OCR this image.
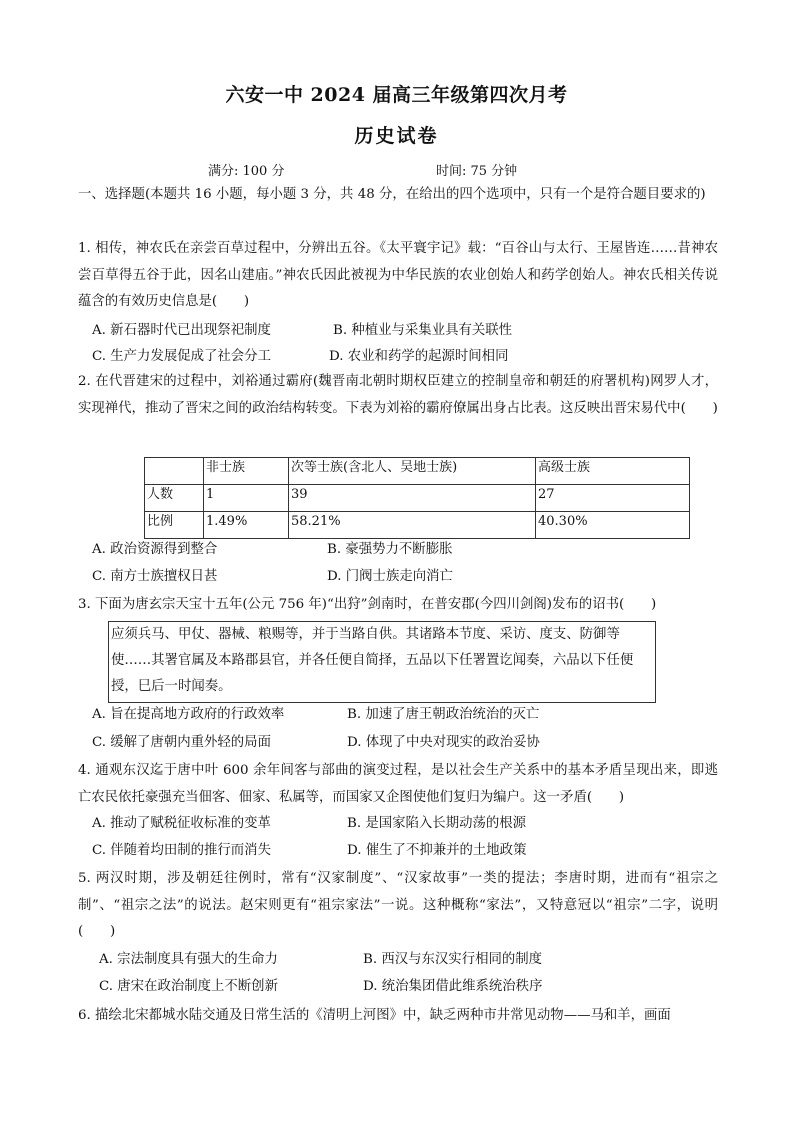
六安一中 2024 届高三年级第四次月考
历史试卷
满分: 100 分	时间: 75 分钟
一、选择题(本题共 16 小题，每小题 3 分，共 48 分，在给出的四个选项中，只有一个是符合题目要求的)
1. 相传，神农氏在亲尝百草过程中，分辨出五谷。《太平寰宇记》载：“百谷山与太行、王屋皆连……昔神农尝百草得五谷于此，因名山建庙。”神农氏因此被视为中华民族的农业创始人和药学创始人。神农氏相关传说蕴含的有效历史信息是(　　)
A. 新石器时代已出现祭祀制度	B. 种植业与采集业具有关联性
C. 生产力发展促成了社会分工	D. 农业和药学的起源时间相同
2. 在代晋建宋的过程中，刘裕通过霸府(魏晋南北朝时期权臣建立的控制皇帝和朝廷的府署机构)网罗人才，实现禅代，推动了晋宋之间的政治结构转变。下表为刘裕的霸府僚属出身占比表。这反映出晋宋易代中(　　)
	非士族	次等士族(含北人、吴地士族)	高级士族
人数	1	39	27
比例	1.49%	58.21%	40.30%
A. 政治资源得到整合	B. 豪强势力不断膨胀
C. 南方士族擅权日甚	D. 门阀士族走向消亡
3. 下面为唐玄宗天宝十五年(公元 756 年)“出狩”剑南时，在普安郡(今四川剑阁)发布的诏书(　　)
应须兵马、甲仗、器械、粮赐等，并于当路自供。其诸路本节度、采访、度支、防御等使……其署官属及本路郡县官，并各任便自简择，五品以下任署置讫闻奏，六品以下任便授，巳后一时闻奏。
A. 旨在提高地方政府的行政效率	B. 加速了唐王朝政治统治的灭亡
C. 缓解了唐朝内重外轻的局面	D. 体现了中央对现实的政治妥协
4. 通观东汉迄于唐中叶 600 余年间客与部曲的演变过程，是以社会生产关系中的基本矛盾呈现出来，即逃亡农民依托豪强充当佃客、佃家、私属等，而国家又企图使他们复归为编户。这一矛盾(　　)
A. 推动了赋税征收标准的变革	B. 是国家陷入长期动荡的根源
C. 伴随着均田制的推行而消失	D. 催生了不抑兼并的土地政策
5. 两汉时期，涉及朝廷往例时，常有“汉家制度”、“汉家故事”一类的提法；李唐时期，进而有“祖宗之制”、“祖宗之法”的说法。赵宋则更有“祖宗家法”一说。这种概称“家法”，又特意冠以“祖宗”二字，说明(　　)
A. 宗法制度具有强大的生命力	B. 西汉与东汉实行相同的制度
C. 唐宋在政治制度上不断创新	D. 统治集团借此维系统治秩序
6. 描绘北宋都城水陆交通及日常生活的《清明上河图》中，缺乏两种市井常见动物——马和羊，画面
